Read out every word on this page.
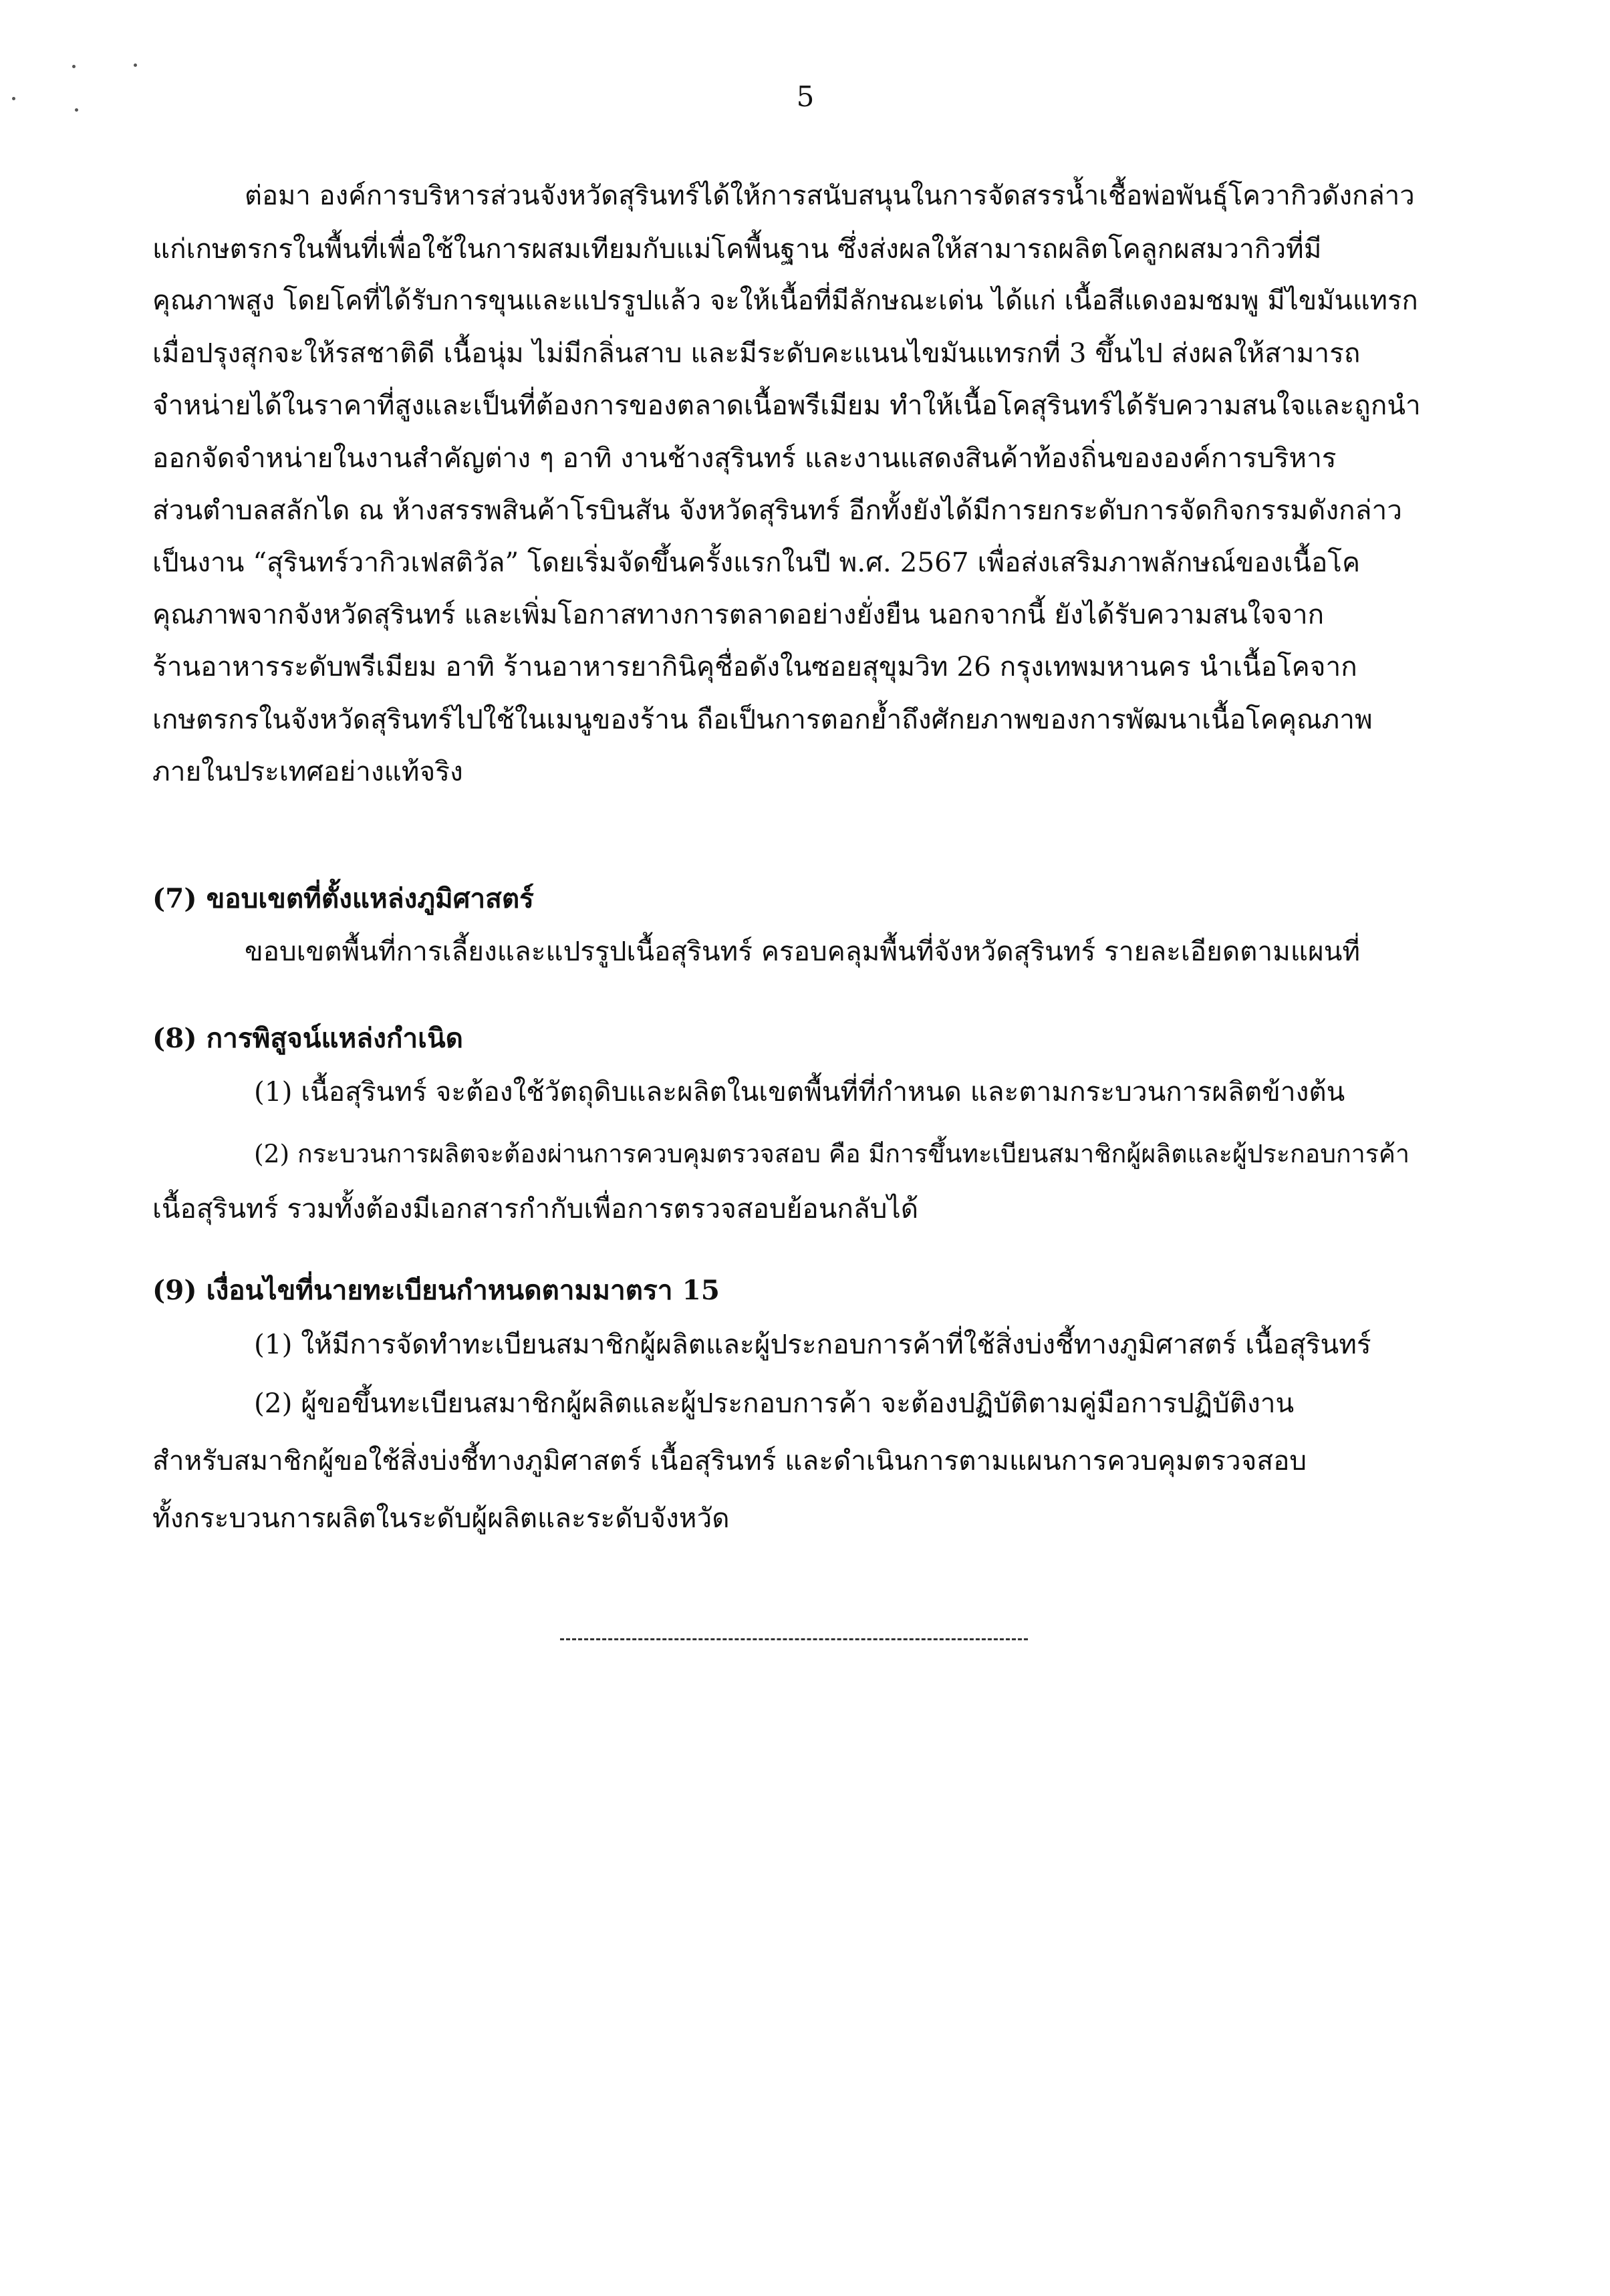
5
ต่อมา องค์การบริหารส่วนจังหวัดสุรินทร์ได้ให้การสนับสนุนในการจัดสรรน้ำเชื้อพ่อพันธุ์โควากิวดังกล่าว
แก่เกษตรกรในพื้นที่เพื่อใช้ในการผสมเทียมกับแม่โคพื้นฐาน ซึ่งส่งผลให้สามารถผลิตโคลูกผสมวากิวที่มี
คุณภาพสูง โดยโคที่ได้รับการขุนและแปรรูปแล้ว จะให้เนื้อที่มีลักษณะเด่น ได้แก่ เนื้อสีแดงอมชมพู มีไขมันแทรก
เมื่อปรุงสุกจะให้รสชาติดี เนื้อนุ่ม ไม่มีกลิ่นสาบ และมีระดับคะแนนไขมันแทรกที่ 3 ขึ้นไป ส่งผลให้สามารถ
จำหน่ายได้ในราคาที่สูงและเป็นที่ต้องการของตลาดเนื้อพรีเมียม ทำให้เนื้อโคสุรินทร์ได้รับความสนใจและถูกนำ
ออกจัดจำหน่ายในงานสำคัญต่าง ๆ อาทิ งานช้างสุรินทร์ และงานแสดงสินค้าท้องถิ่นขององค์การบริหาร
ส่วนตำบลสลักได ณ ห้างสรรพสินค้าโรบินสัน จังหวัดสุรินทร์ อีกทั้งยังได้มีการยกระดับการจัดกิจกรรมดังกล่าว
เป็นงาน “สุรินทร์วากิวเฟสติวัล” โดยเริ่มจัดขึ้นครั้งแรกในปี พ.ศ. 2567 เพื่อส่งเสริมภาพลักษณ์ของเนื้อโค
คุณภาพจากจังหวัดสุรินทร์ และเพิ่มโอกาสทางการตลาดอย่างยั่งยืน นอกจากนี้ ยังได้รับความสนใจจาก
ร้านอาหารระดับพรีเมียม อาทิ ร้านอาหารยากินิคุชื่อดังในซอยสุขุมวิท 26 กรุงเทพมหานคร นำเนื้อโคจาก
เกษตรกรในจังหวัดสุรินทร์ไปใช้ในเมนูของร้าน ถือเป็นการตอกย้ำถึงศักยภาพของการพัฒนาเนื้อโคคุณภาพ
ภายในประเทศอย่างแท้จริง
(7) ขอบเขตที่ตั้งแหล่งภูมิศาสตร์
ขอบเขตพื้นที่การเลี้ยงและแปรรูปเนื้อสุรินทร์ ครอบคลุมพื้นที่จังหวัดสุรินทร์ รายละเอียดตามแผนที่
(8) การพิสูจน์แหล่งกำเนิด
(1) เนื้อสุรินทร์ จะต้องใช้วัตถุดิบและผลิตในเขตพื้นที่ที่กำหนด และตามกระบวนการผลิตข้างต้น
(2) กระบวนการผลิตจะต้องผ่านการควบคุมตรวจสอบ คือ มีการขึ้นทะเบียนสมาชิกผู้ผลิตและผู้ประกอบการค้า
เนื้อสุรินทร์ รวมทั้งต้องมีเอกสารกำกับเพื่อการตรวจสอบย้อนกลับได้
(9) เงื่อนไขที่นายทะเบียนกำหนดตามมาตรา 15
(1) ให้มีการจัดทำทะเบียนสมาชิกผู้ผลิตและผู้ประกอบการค้าที่ใช้สิ่งบ่งชี้ทางภูมิศาสตร์ เนื้อสุรินทร์
(2) ผู้ขอขึ้นทะเบียนสมาชิกผู้ผลิตและผู้ประกอบการค้า จะต้องปฏิบัติตามคู่มือการปฏิบัติงาน
สำหรับสมาชิกผู้ขอใช้สิ่งบ่งชี้ทางภูมิศาสตร์ เนื้อสุรินทร์ และดำเนินการตามแผนการควบคุมตรวจสอบ
ทั้งกระบวนการผลิตในระดับผู้ผลิตและระดับจังหวัด
